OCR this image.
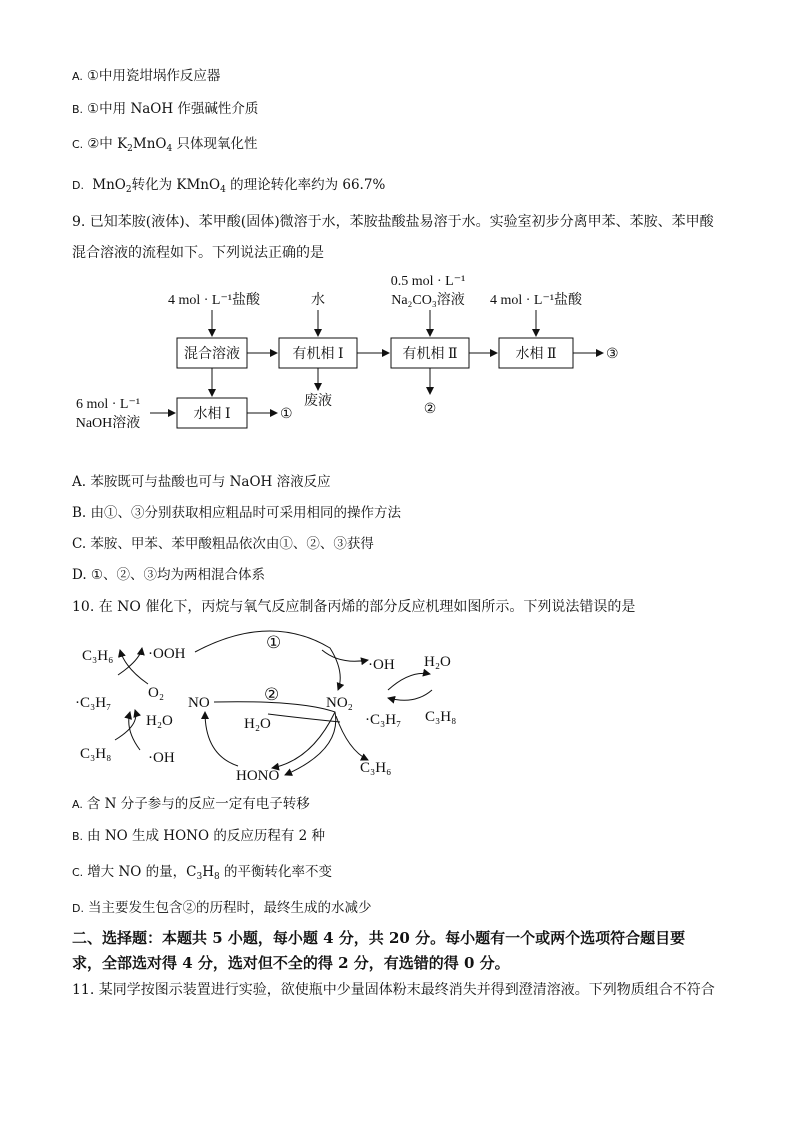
A. ①中用瓷坩埚作反应器
B. ①中用 NaOH 作强碱性介质
C. ②中 $K_2MnO_4$ 只体现氧化性
D. MnO$_2$转化为 KMnO$_4$ 的理论转化率约为 66.7%
9. 已知苯胺(液体)、苯甲酸(固体)微溶于水，苯胺盐酸盐易溶于水。实验室初步分离甲苯、苯胺、苯甲酸
混合溶液的流程如下。下列说法正确的是
4 mol · L⁻¹盐酸	水
0.5 mol · L⁻¹
Na₂CO₃溶液 4 mol · L⁻¹盐酸
混合溶液	有机相 Ⅰ	有机相 Ⅱ	水相 Ⅱ
水相 Ⅰ
③
①	②
废液
6 mol · L⁻¹
NaOH溶液
A. 苯胺既可与盐酸也可与 NaOH 溶液反应
B. 由①、③分别获取相应粗品时可采用相同的操作方法
C. 苯胺、甲苯、苯甲酸粗品依次由①、②、③获得
D. ①、②、③均为两相混合体系
10. 在 NO 催化下，丙烷与氧气反应制备丙烯的部分反应机理如图所示。下列说法错误的是
C₃H₆ ·OOH
O₂
·C₃H₇	NO
H₂O
C₃H₈ ·OH
HONO
H₂O
NO₂
·C₃H₇
C₃H₆
·OH H₂O
C₃H₈
①
②
A. 含 N 分子参与的反应一定有电子转移
B. 由 NO 生成 HONO 的反应历程有 2 种
C. 增大 NO 的量，$C_3H_8$ 的平衡转化率不变
D. 当主要发生包含②的历程时，最终生成的水减少
二、选择题：本题共 5 小题，每小题 4 分，共 20 分。每小题有一个或两个选项符合题目要
求，全部选对得 4 分，选对但不全的得 2 分，有选错的得 0 分。
11. 某同学按图示装置进行实验，欲使瓶中少量固体粉末最终消失并得到澄清溶液。下列物质组合不符合
